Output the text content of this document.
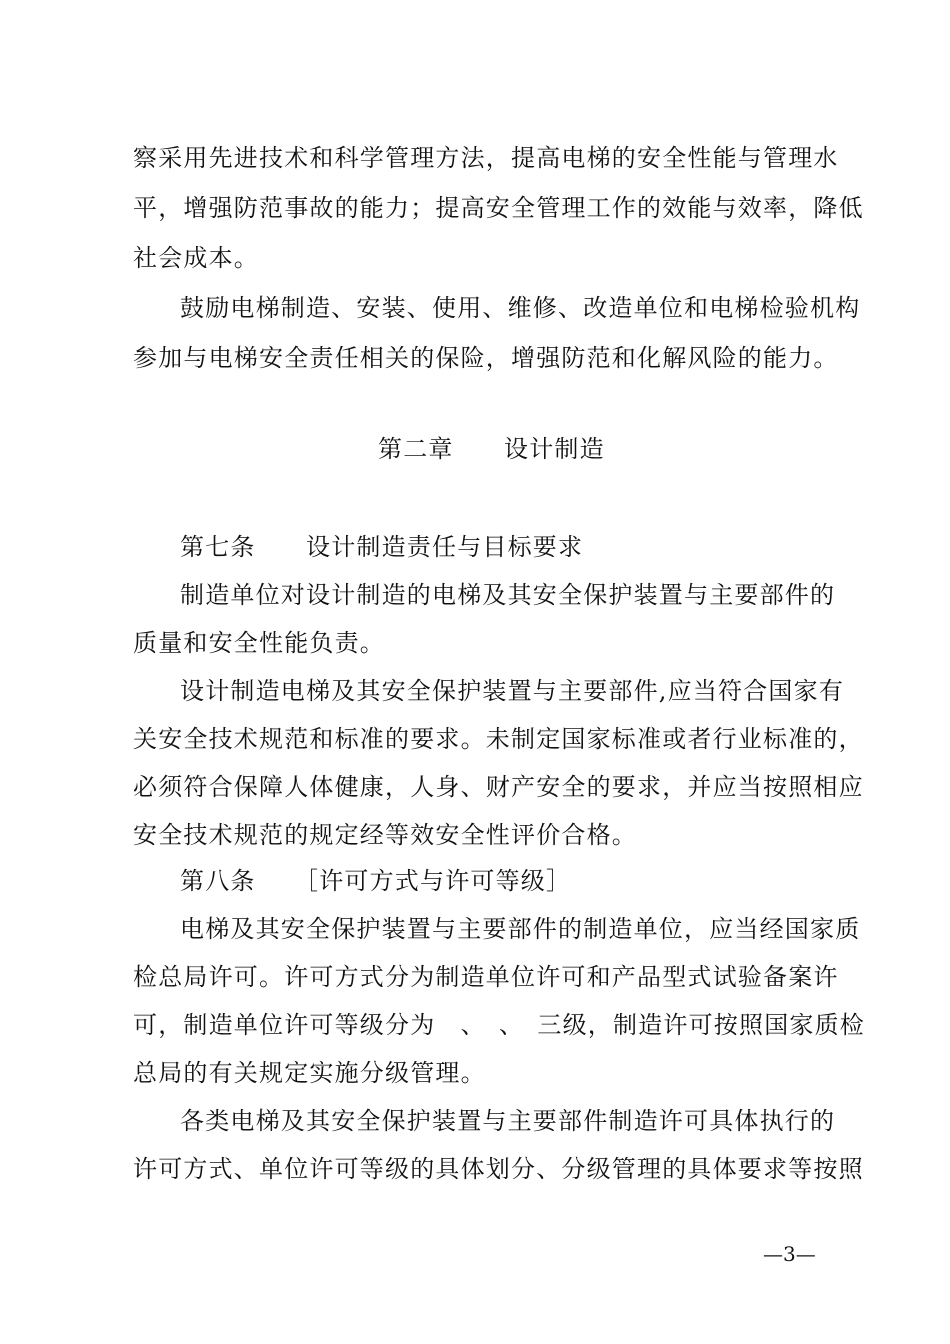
察采用先进技术和科学管理方法，提高电梯的安全性能与管理水
平，增强防范事故的能力；提高安全管理工作的效能与效率，降低
社会成本。
鼓励电梯制造、安装、使用、维修、改造单位和电梯检验机构
参加与电梯安全责任相关的保险，增强防范和化解风险的能力。
第二章　　设计制造
第七条　　设计制造责任与目标要求
制造单位对设计制造的电梯及其安全保护装置与主要部件的
质量和安全性能负责。
设计制造电梯及其安全保护装置与主要部件,应当符合国家有
关安全技术规范和标准的要求。未制定国家标准或者行业标准的，
必须符合保障人体健康，人身、财产安全的要求，并应当按照相应
安全技术规范的规定经等效安全性评价合格。
第八条　　［许可方式与许可等级］
电梯及其安全保护装置与主要部件的制造单位，应当经国家质
检总局许可。许可方式分为制造单位许可和产品型式试验备案许
可，制造单位许可等级分为　、　、　三级，制造许可按照国家质检
总局的有关规定实施分级管理。
各类电梯及其安全保护装置与主要部件制造许可具体执行的
许可方式、单位许可等级的具体划分、分级管理的具体要求等按照
—3—
